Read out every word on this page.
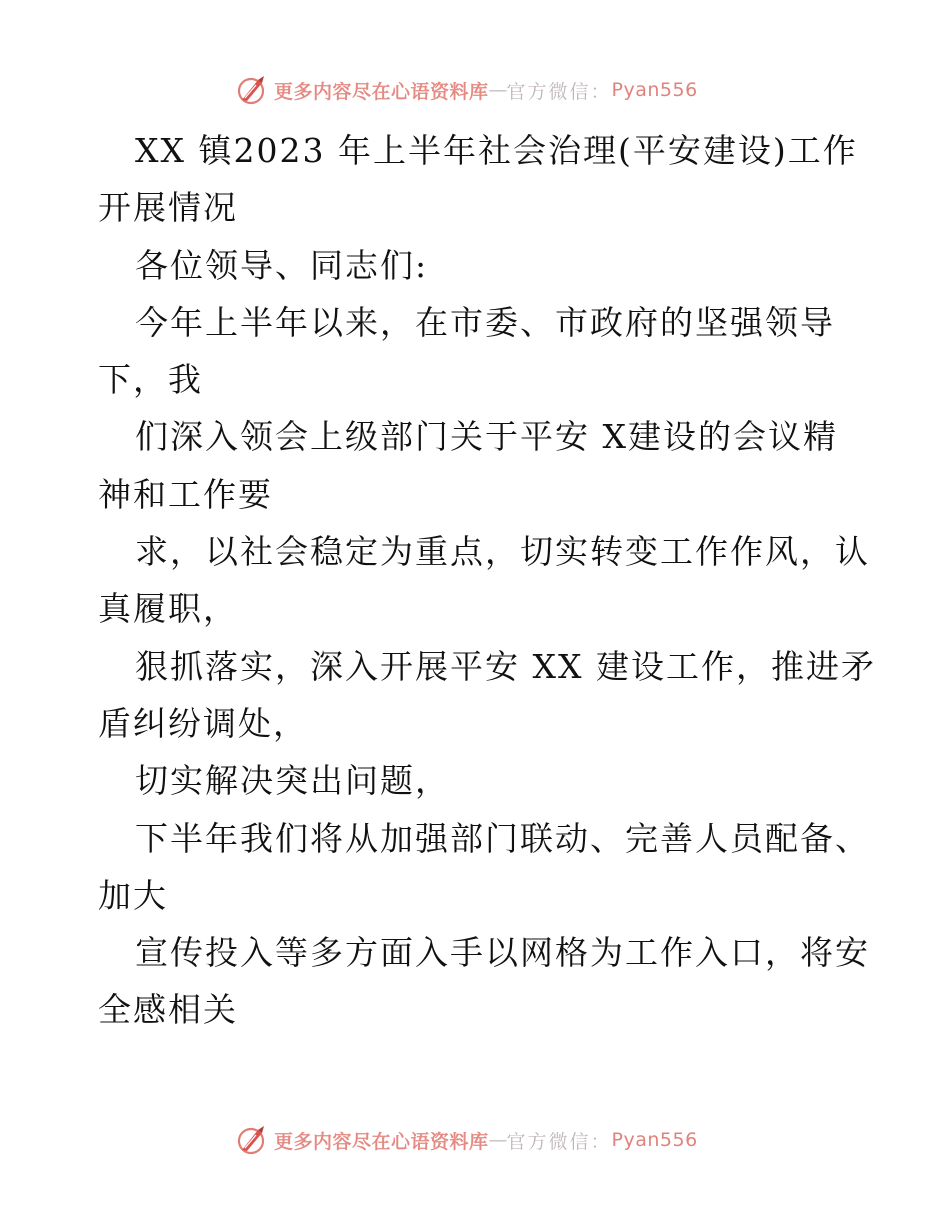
更多内容尽在心语资料库 — 官方微信： Pyan556
XX 镇2023 年上半年社会治理(平安建设)工作
开展情况
各位领导、同志们:
今年上半年以来，在市委、市政府的坚强领导
下，我
们深入领会上级部门关于平安 X建设的会议精
神和工作要
求，以社会稳定为重点，切实转变工作作风，认
真履职，
狠抓落实，深入开展平安 XX 建设工作，推进矛
盾纠纷调处，
切实解决突出问题，
下半年我们将从加强部门联动、完善人员配备、
加大
宣传投入等多方面入手以网格为工作入口，将安
全感相关
更多内容尽在心语资料库 — 官方微信： Pyan556
